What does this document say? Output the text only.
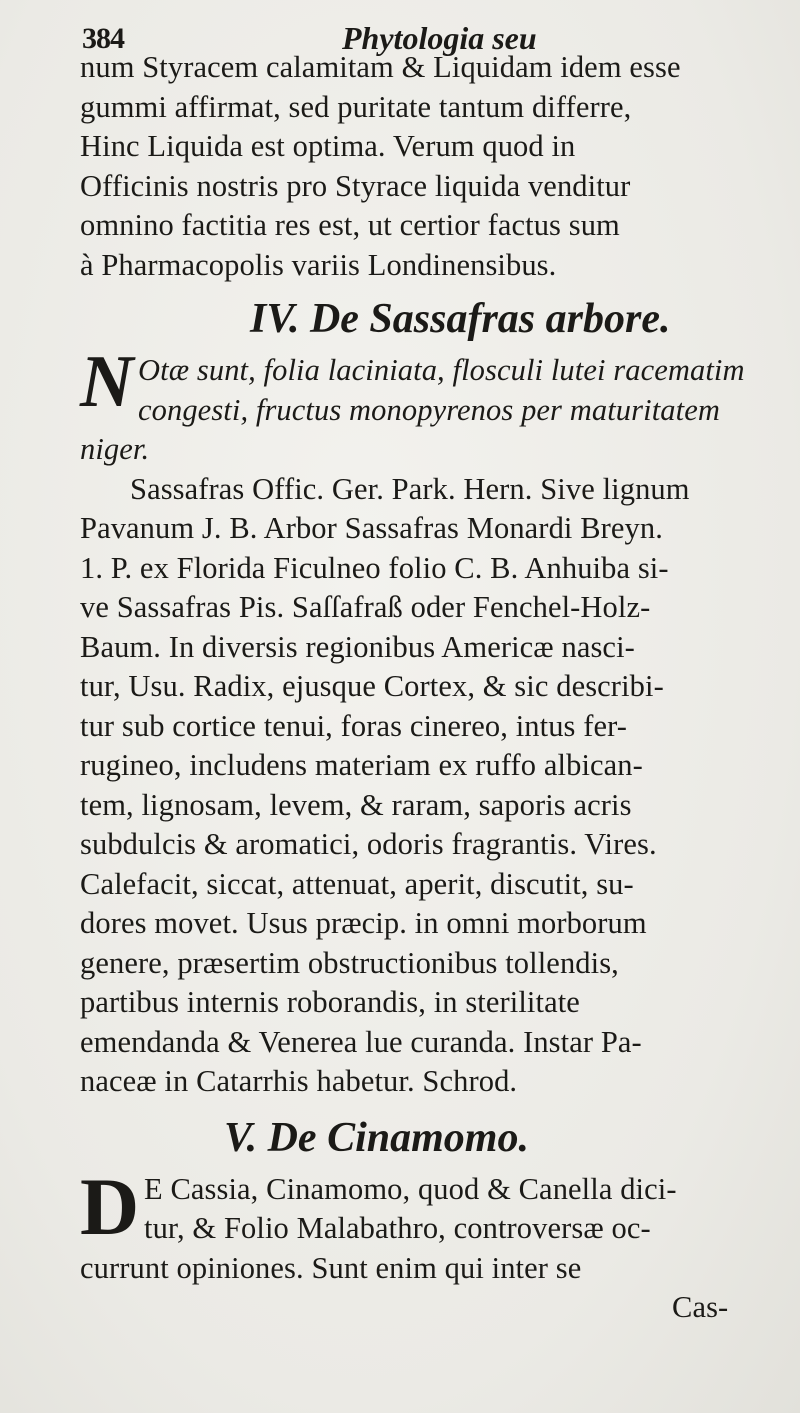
384	Phytologia seu
num Styracem calamitam & Liquidam idem esse
gummi affirmat, sed puritate tantum differre,
Hinc Liquida est optima. Verum quod in
Officinis nostris pro Styrace liquida venditur
omnino factitia res est, ut certior factus sum
à Pharmacopolis variis Londinensibus.
IV. De Sassafras arbore.
N Otæ sunt, folia laciniata, flosculi lutei racematim
congesti, fructus monopyrenos per maturitatem
niger.
Sassafras Offic. Ger. Park. Hern. Sive lignum
Pavanum J. B. Arbor Sassafras Monardi Breyn.
1. P. ex Florida Ficulneo folio C. B. Anhuiba si-
ve Sassafras Pis. Saſſafraß oder Fenchel-Holz-
Baum. In diversis regionibus Americæ nasci-
tur, Usu. Radix, ejusque Cortex, & sic describi-
tur sub cortice tenui, foras cinereo, intus fer-
rugineo, includens materiam ex ruffo albican-
tem, lignosam, levem, & raram, saporis acris
subdulcis & aromatici, odoris fragrantis. Vires.
Calefacit, siccat, attenuat, aperit, discutit, su-
dores movet. Usus præcip. in omni morborum
genere, præsertim obstructionibus tollendis,
partibus internis roborandis, in sterilitate
emendanda & Venerea lue curanda. Instar Pa-
naceæ in Catarrhis habetur. Schrod.
V. De Cinamomo.
D E Cassia, Cinamomo, quod & Canella dici-
tur, & Folio Malabathro, controversæ oc-
currunt opiniones. Sunt enim qui inter se
Cas-
